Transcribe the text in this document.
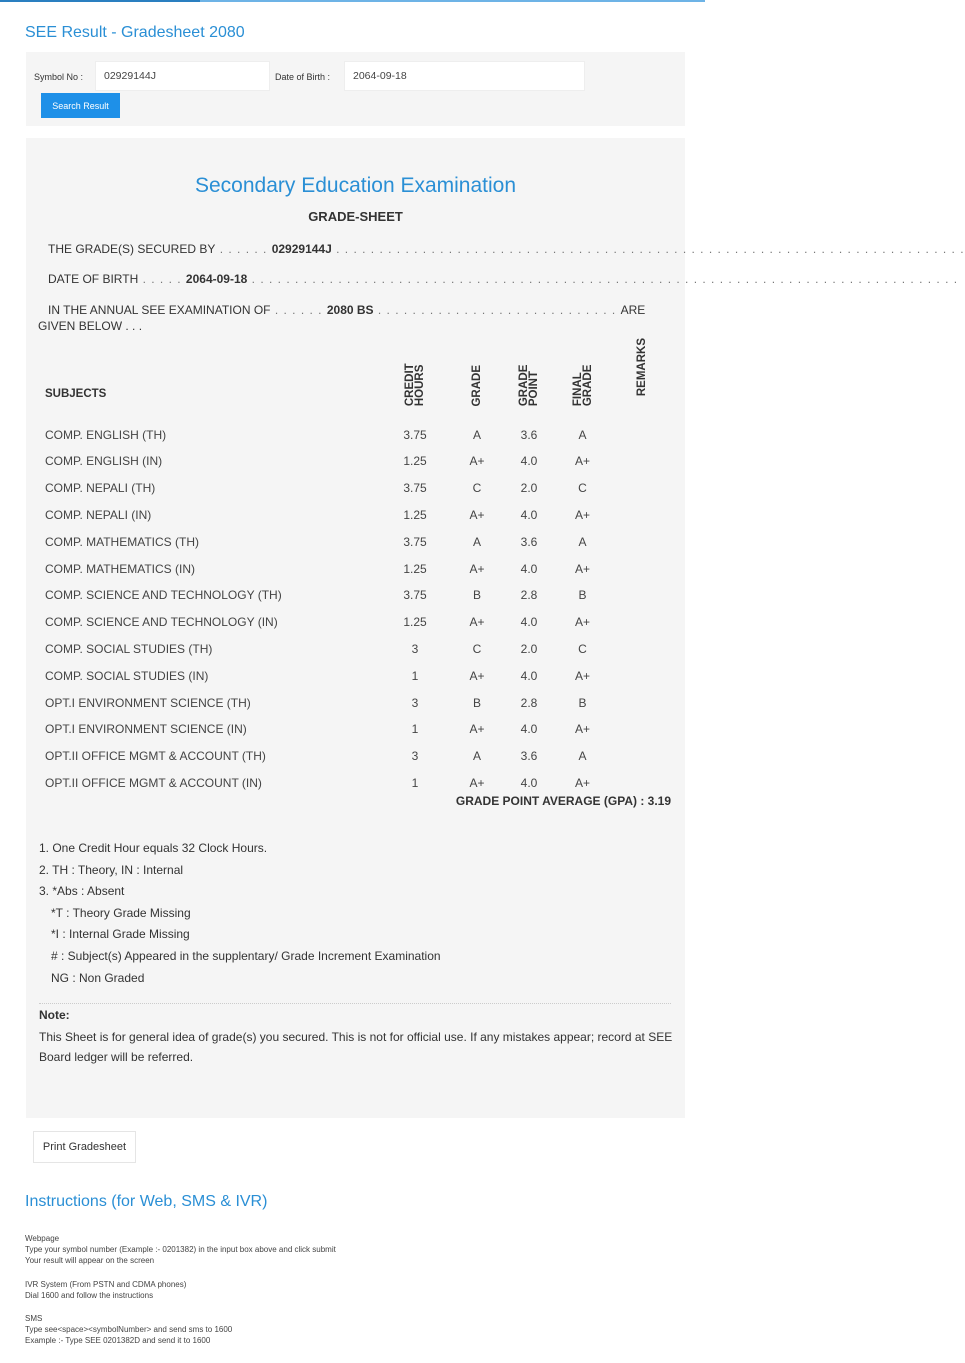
SEE Result - Gradesheet 2080
Symbol No :	02929144J	Date of Birth :	2064-09-18
Search Result
Secondary Education Examination
GRADE-SHEET
THE GRADE(S) SECURED BY . . . . . . 02929144J . . . . . . . . . . . . . . . . . . . . . . . . . . . . . . . . . . . . . . . . . . . . . . . . . . . . . . . . . . . . . . . . . . . . . . . . .
DATE OF BIRTH . . . . . 2064-09-18 . . . . . . . . . . . . . . . . . . . . . . . . . . . . . . . . . . . . . . . . . . . . . . . . . . . . . . . . . . . . . . . . . . . . . . . . . . . . . . . . . .
IN THE ANNUAL SEE EXAMINATION OF . . . . . . 2080 BS . . . . . . . . . . . . . . . . . . . . . . . . . . . . ARE GIVEN BELOW . . .
SUBJECTS	CREDIT HOURS	GRADE	GRADE POINT	FINAL GRADE	REMARKS
COMP. ENGLISH (TH)	3.75	A	3.6	A	
COMP. ENGLISH (IN)	1.25	A+	4.0	A+	
COMP. NEPALI (TH)	3.75	C	2.0	C	
COMP. NEPALI (IN)	1.25	A+	4.0	A+	
COMP. MATHEMATICS (TH)	3.75	A	3.6	A	
COMP. MATHEMATICS (IN)	1.25	A+	4.0	A+	
COMP. SCIENCE AND TECHNOLOGY (TH)	3.75	B	2.8	B	
COMP. SCIENCE AND TECHNOLOGY (IN)	1.25	A+	4.0	A+	
COMP. SOCIAL STUDIES (TH)	3	C	2.0	C	
COMP. SOCIAL STUDIES (IN)	1	A+	4.0	A+	
OPT.I ENVIRONMENT SCIENCE (TH)	3	B	2.8	B	
OPT.I ENVIRONMENT SCIENCE (IN)	1	A+	4.0	A+	
OPT.II OFFICE MGMT & ACCOUNT (TH)	3	A	3.6	A	
OPT.II OFFICE MGMT & ACCOUNT (IN)	1	A+	4.0	A+	
GRADE POINT AVERAGE (GPA) : 3.19
1. One Credit Hour equals 32 Clock Hours.
2. TH : Theory, IN : Internal
3. *Abs : Absent
*T : Theory Grade Missing
*I : Internal Grade Missing
# : Subject(s) Appeared in the supplentary/ Grade Increment Examination
NG : Non Graded
Note:
This Sheet is for general idea of grade(s) you secured. This is not for official use. If any mistakes appear; record at SEE Board ledger will be referred.
Print Gradesheet
Instructions (for Web, SMS & IVR)
Webpage
Type your symbol number (Example :- 0201382) in the input box above and click submit
Your result will appear on the screen
IVR System (From PSTN and CDMA phones)
Dial 1600 and follow the instructions
SMS
Type see<space><symbolNumber> and send sms to 1600
Example :- Type SEE 0201382D and send it to 1600
